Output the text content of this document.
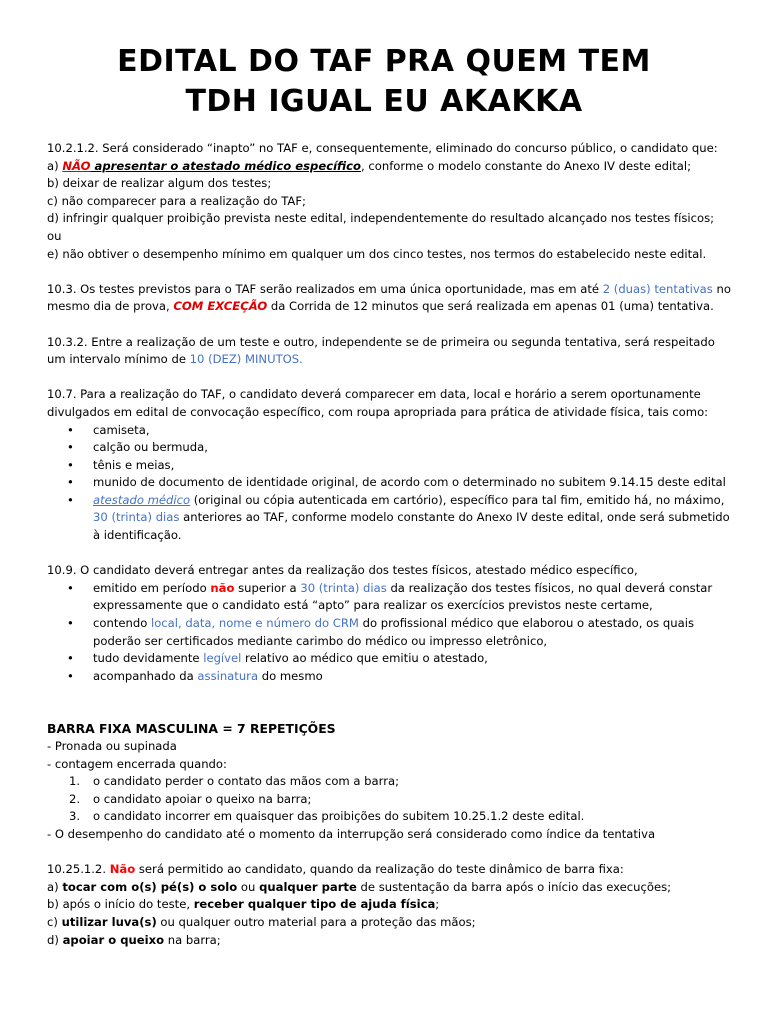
EDITAL DO TAF PRA QUEM TEM
TDH IGUAL EU AKAKKA

10.2.1.2. Será considerado “inapto” no TAF e, consequentemente, eliminado do concurso público, o candidato que:

a) NÃO apresentar o atestado médico específico, conforme o modelo constante do Anexo IV deste edital;

b) deixar de realizar algum dos testes;

c) não comparecer para a realização do TAF;

d) infringir qualquer proibição prevista neste edital, independentemente do resultado alcançado nos testes físicos;

ou

e) não obtiver o desempenho mínimo em qualquer um dos cinco testes, nos termos do estabelecido neste edital.

10.3. Os testes previstos para o TAF serão realizados em uma única oportunidade, mas em até 2 (duas) tentativas no mesmo dia de prova, COM EXCEÇÃO da Corrida de 12 minutos que será realizada em apenas 01 (uma) tentativa.

10.3.2. Entre a realização de um teste e outro, independente se de primeira ou segunda tentativa, será respeitado um intervalo mínimo de 10 (DEZ) MINUTOS.

10.7. Para a realização do TAF, o candidato deverá comparecer em data, local e horário a serem oportunamente divulgados em edital de convocação específico, com roupa apropriada para prática de atividade física, tais como:

• camiseta,
• calção ou bermuda,
• tênis e meias,
• munido de documento de identidade original, de acordo com o determinado no subitem 9.14.15 deste edital
• atestado médico (original ou cópia autenticada em cartório), específico para tal fim, emitido há, no máximo, 30 (trinta) dias anteriores ao TAF, conforme modelo constante do Anexo IV deste edital, onde será submetido à identificação.

10.9. O candidato deverá entregar antes da realização dos testes físicos, atestado médico específico,

• emitido em período não superior a 30 (trinta) dias da realização dos testes físicos, no qual deverá constar expressamente que o candidato está “apto” para realizar os exercícios previstos neste certame,
• contendo local, data, nome e número do CRM do profissional médico que elaborou o atestado, os quais poderão ser certificados mediante carimbo do médico ou impresso eletrônico,
• tudo devidamente legível relativo ao médico que emitiu o atestado,
• acompanhado da assinatura do mesmo

BARRA FIXA MASCULINA = 7 REPETIÇÕES

- Pronada ou supinada

- contagem encerrada quando:

1. o candidato perder o contato das mãos com a barra;
2. o candidato apoiar o queixo na barra;
3. o candidato incorrer em quaisquer das proibições do subitem 10.25.1.2 deste edital.

- O desempenho do candidato até o momento da interrupção será considerado como índice da tentativa

10.25.1.2. Não será permitido ao candidato, quando da realização do teste dinâmico de barra fixa:

a) tocar com o(s) pé(s) o solo ou qualquer parte de sustentação da barra após o início das execuções;

b) após o início do teste, receber qualquer tipo de ajuda física;

c) utilizar luva(s) ou qualquer outro material para a proteção das mãos;

d) apoiar o queixo na barra;
